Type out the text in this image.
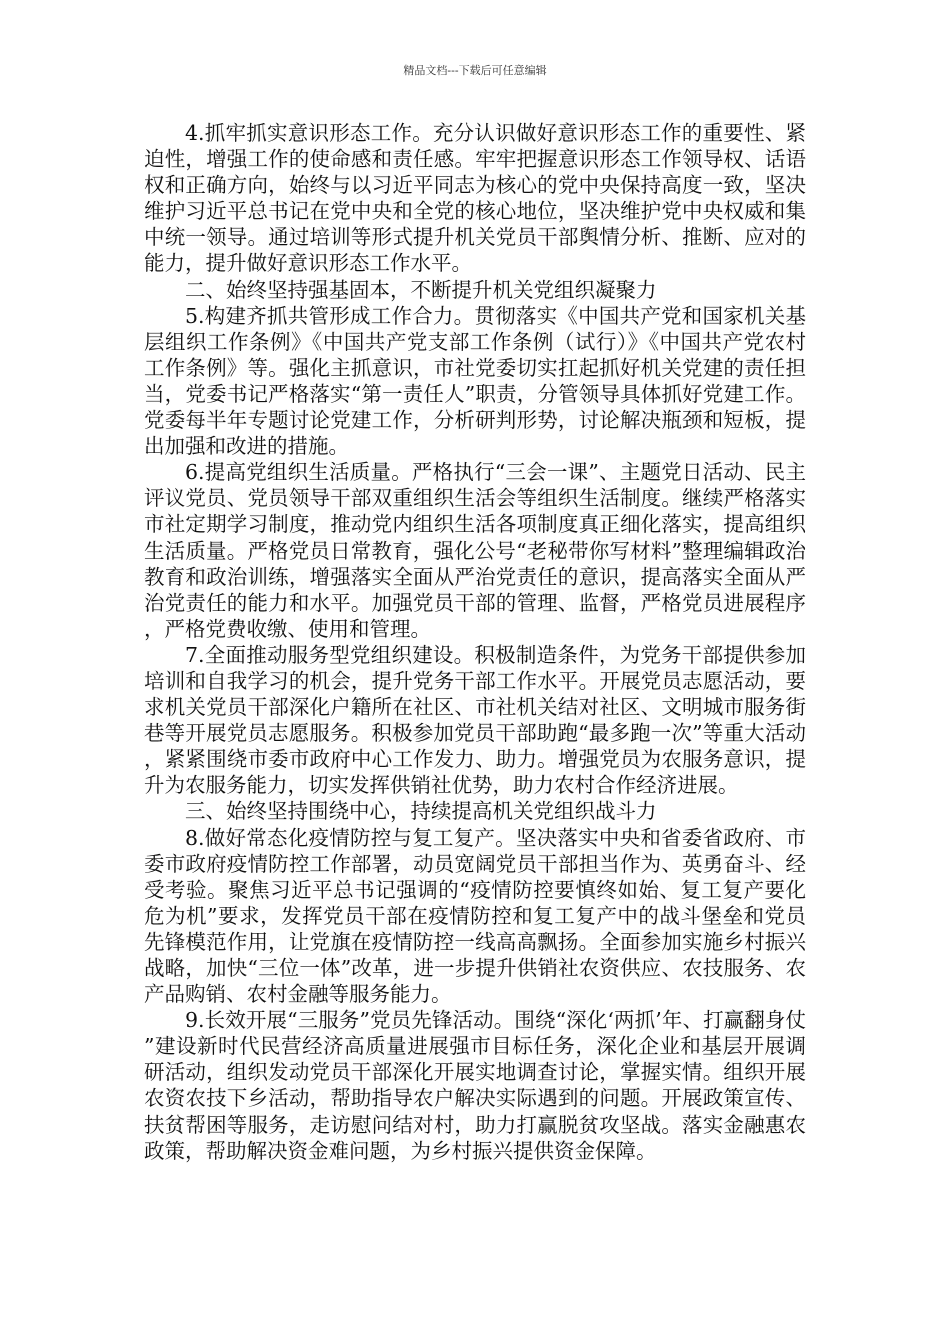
精品文档---下载后可任意编辑

4.抓牢抓实意识形态工作。充分认识做好意识形态工作的重要性、紧迫性，增强工作的使命感和责任感。牢牢把握意识形态工作领导权、话语权和正确方向，始终与以习近平同志为核心的党中央保持高度一致，坚决维护习近平总书记在党中央和全党的核心地位，坚决维护党中央权威和集中统一领导。通过培训等形式提升机关党员干部舆情分析、推断、应对的能力，提升做好意识形态工作水平。

二、始终坚持强基固本，不断提升机关党组织凝聚力

5.构建齐抓共管形成工作合力。贯彻落实《中国共产党和国家机关基层组织工作条例》《中国共产党支部工作条例（试行）》《中国共产党农村工作条例》等。强化主抓意识，市社党委切实扛起抓好机关党建的责任担当，党委书记严格落实“第一责任人”职责，分管领导具体抓好党建工作。党委每半年专题讨论党建工作，分析研判形势，讨论解决瓶颈和短板，提出加强和改进的措施。

6.提高党组织生活质量。严格执行“三会一课”、主题党日活动、民主评议党员、党员领导干部双重组织生活会等组织生活制度。继续严格落实市社定期学习制度，推动党内组织生活各项制度真正细化落实，提高组织生活质量。严格党员日常教育，强化公号“老秘带你写材料”整理编辑政治教育和政治训练，增强落实全面从严治党责任的意识，提高落实全面从严治党责任的能力和水平。加强党员干部的管理、监督，严格党员进展程序，严格党费收缴、使用和管理。

7.全面推动服务型党组织建设。积极制造条件，为党务干部提供参加培训和自我学习的机会，提升党务干部工作水平。开展党员志愿活动，要求机关党员干部深化户籍所在社区、市社机关结对社区、文明城市服务街巷等开展党员志愿服务。积极参加党员干部助跑“最多跑一次”等重大活动，紧紧围绕市委市政府中心工作发力、助力。增强党员为农服务意识，提升为农服务能力，切实发挥供销社优势，助力农村合作经济进展。

三、始终坚持围绕中心，持续提高机关党组织战斗力

8.做好常态化疫情防控与复工复产。坚决落实中央和省委省政府、市委市政府疫情防控工作部署，动员宽阔党员干部担当作为、英勇奋斗、经受考验。聚焦习近平总书记强调的“疫情防控要慎终如始、复工复产要化危为机”要求，发挥党员干部在疫情防控和复工复产中的战斗堡垒和党员先锋模范作用，让党旗在疫情防控一线高高飘扬。全面参加实施乡村振兴战略，加快“三位一体”改革，进一步提升供销社农资供应、农技服务、农产品购销、农村金融等服务能力。

9.长效开展“三服务”党员先锋活动。围绕“深化‘两抓’年、打赢翻身仗”建设新时代民营经济高质量进展强市目标任务，深化企业和基层开展调研活动，组织发动党员干部深化开展实地调查讨论，掌握实情。组织开展农资农技下乡活动，帮助指导农户解决实际遇到的问题。开展政策宣传、扶贫帮困等服务，走访慰问结对村，助力打赢脱贫攻坚战。落实金融惠农政策，帮助解决资金难问题，为乡村振兴提供资金保障。
